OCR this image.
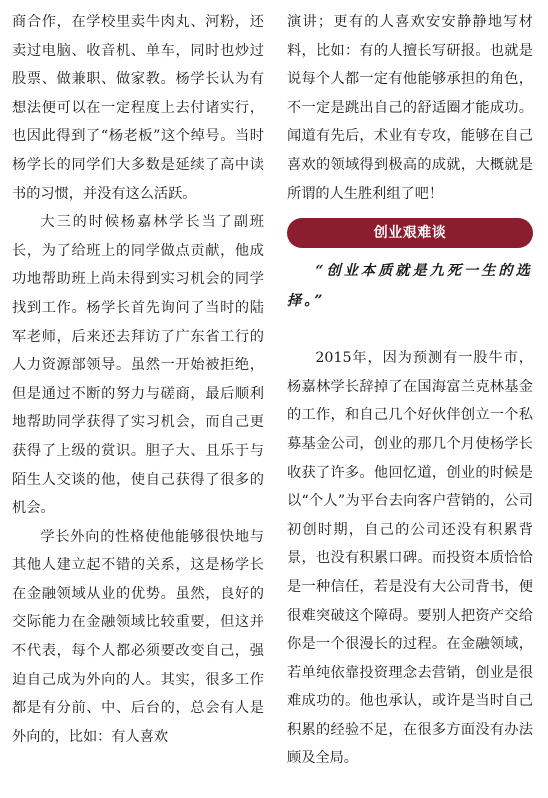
商合作，在学校里卖牛肉丸、河粉，还卖过电脑、收音机、单车，同时也炒过股票、做兼职、做家教。杨学长认为有想法便可以在一定程度上去付诸实行，也因此得到了“杨老板”这个绰号。当时杨学长的同学们大多数是延续了高中读书的习惯，并没有这么活跃。

大三的时候杨嘉林学长当了副班长，为了给班上的同学做点贡献，他成功地帮助班上尚未得到实习机会的同学找到工作。杨学长首先询问了当时的陆军老师，后来还去拜访了广东省工行的人力资源部领导。虽然一开始被拒绝，但是通过不断的努力与磋商，最后顺利地帮助同学获得了实习机会，而自己更获得了上级的赏识。胆子大、且乐于与陌生人交谈的他，使自己获得了很多的机会。

学长外向的性格使他能够很快地与其他人建立起不错的关系，这是杨学长在金融领域从业的优势。虽然，良好的交际能力在金融领域比较重要，但这并不代表，每个人都必须要改变自己，强迫自己成为外向的人。其实，很多工作都是有分前、中、后台的，总会有人是外向的，比如：有人喜欢

演讲；更有的人喜欢安安静静地写材料，比如：有的人擅长写研报。也就是说每个人都一定有他能够承担的角色，不一定是跳出自己的舒适圈才能成功。闻道有先后，术业有专攻，能够在自己喜欢的领域得到极高的成就，大概就是所谓的人生胜利组了吧！

创业艰难谈

“创业本质就是九死一生的选择。”

2015年，因为预测有一股牛市，杨嘉林学长辞掉了在国海富兰克林基金的工作，和自己几个好伙伴创立一个私募基金公司，创业的那几个月使杨学长收获了许多。他回忆道，创业的时候是以“个人”为平台去向客户营销的，公司初创时期，自己的公司还没有积累背景，也没有积累口碑。而投资本质恰恰是一种信任，若是没有大公司背书，便很难突破这个障碍。要别人把资产交给你是一个很漫长的过程。在金融领域，若单纯依靠投资理念去营销，创业是很难成功的。他也承认，或许是当时自己积累的经验不足，在很多方面没有办法顾及全局。
